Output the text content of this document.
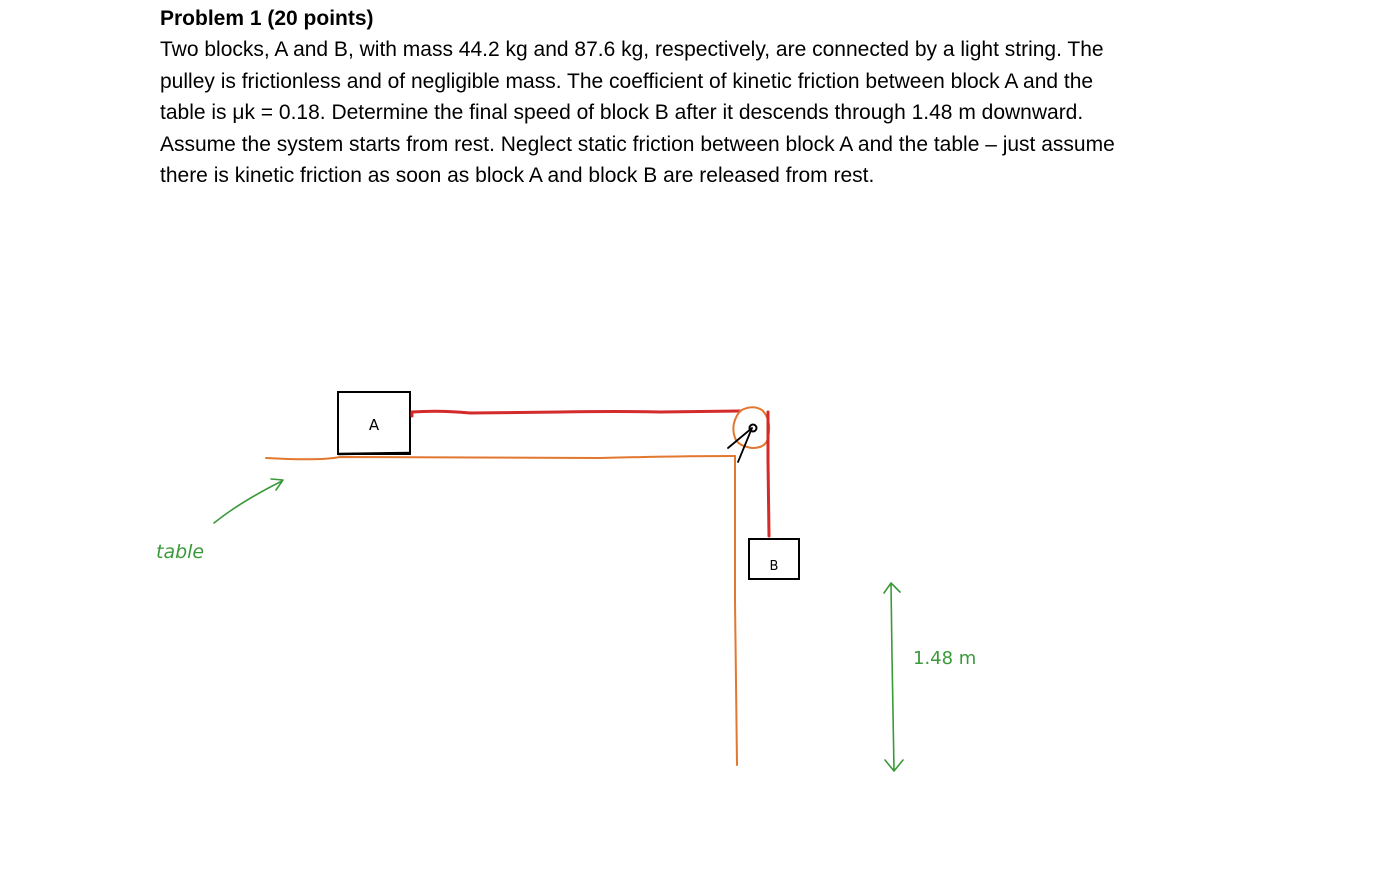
Problem 1 (20 points)

Two blocks, A and B, with mass 44.2 kg and 87.6 kg, respectively, are connected by a light string. The
pulley is frictionless and of negligible mass. The coefficient of kinetic friction between block A and the
table is μk = 0.18. Determine the final speed of block B after it descends through 1.48 m downward.
Assume the system starts from rest. Neglect static friction between block A and the table – just assume
there is kinetic friction as soon as block A and block B are released from rest.

A
B
table
1.48 m
